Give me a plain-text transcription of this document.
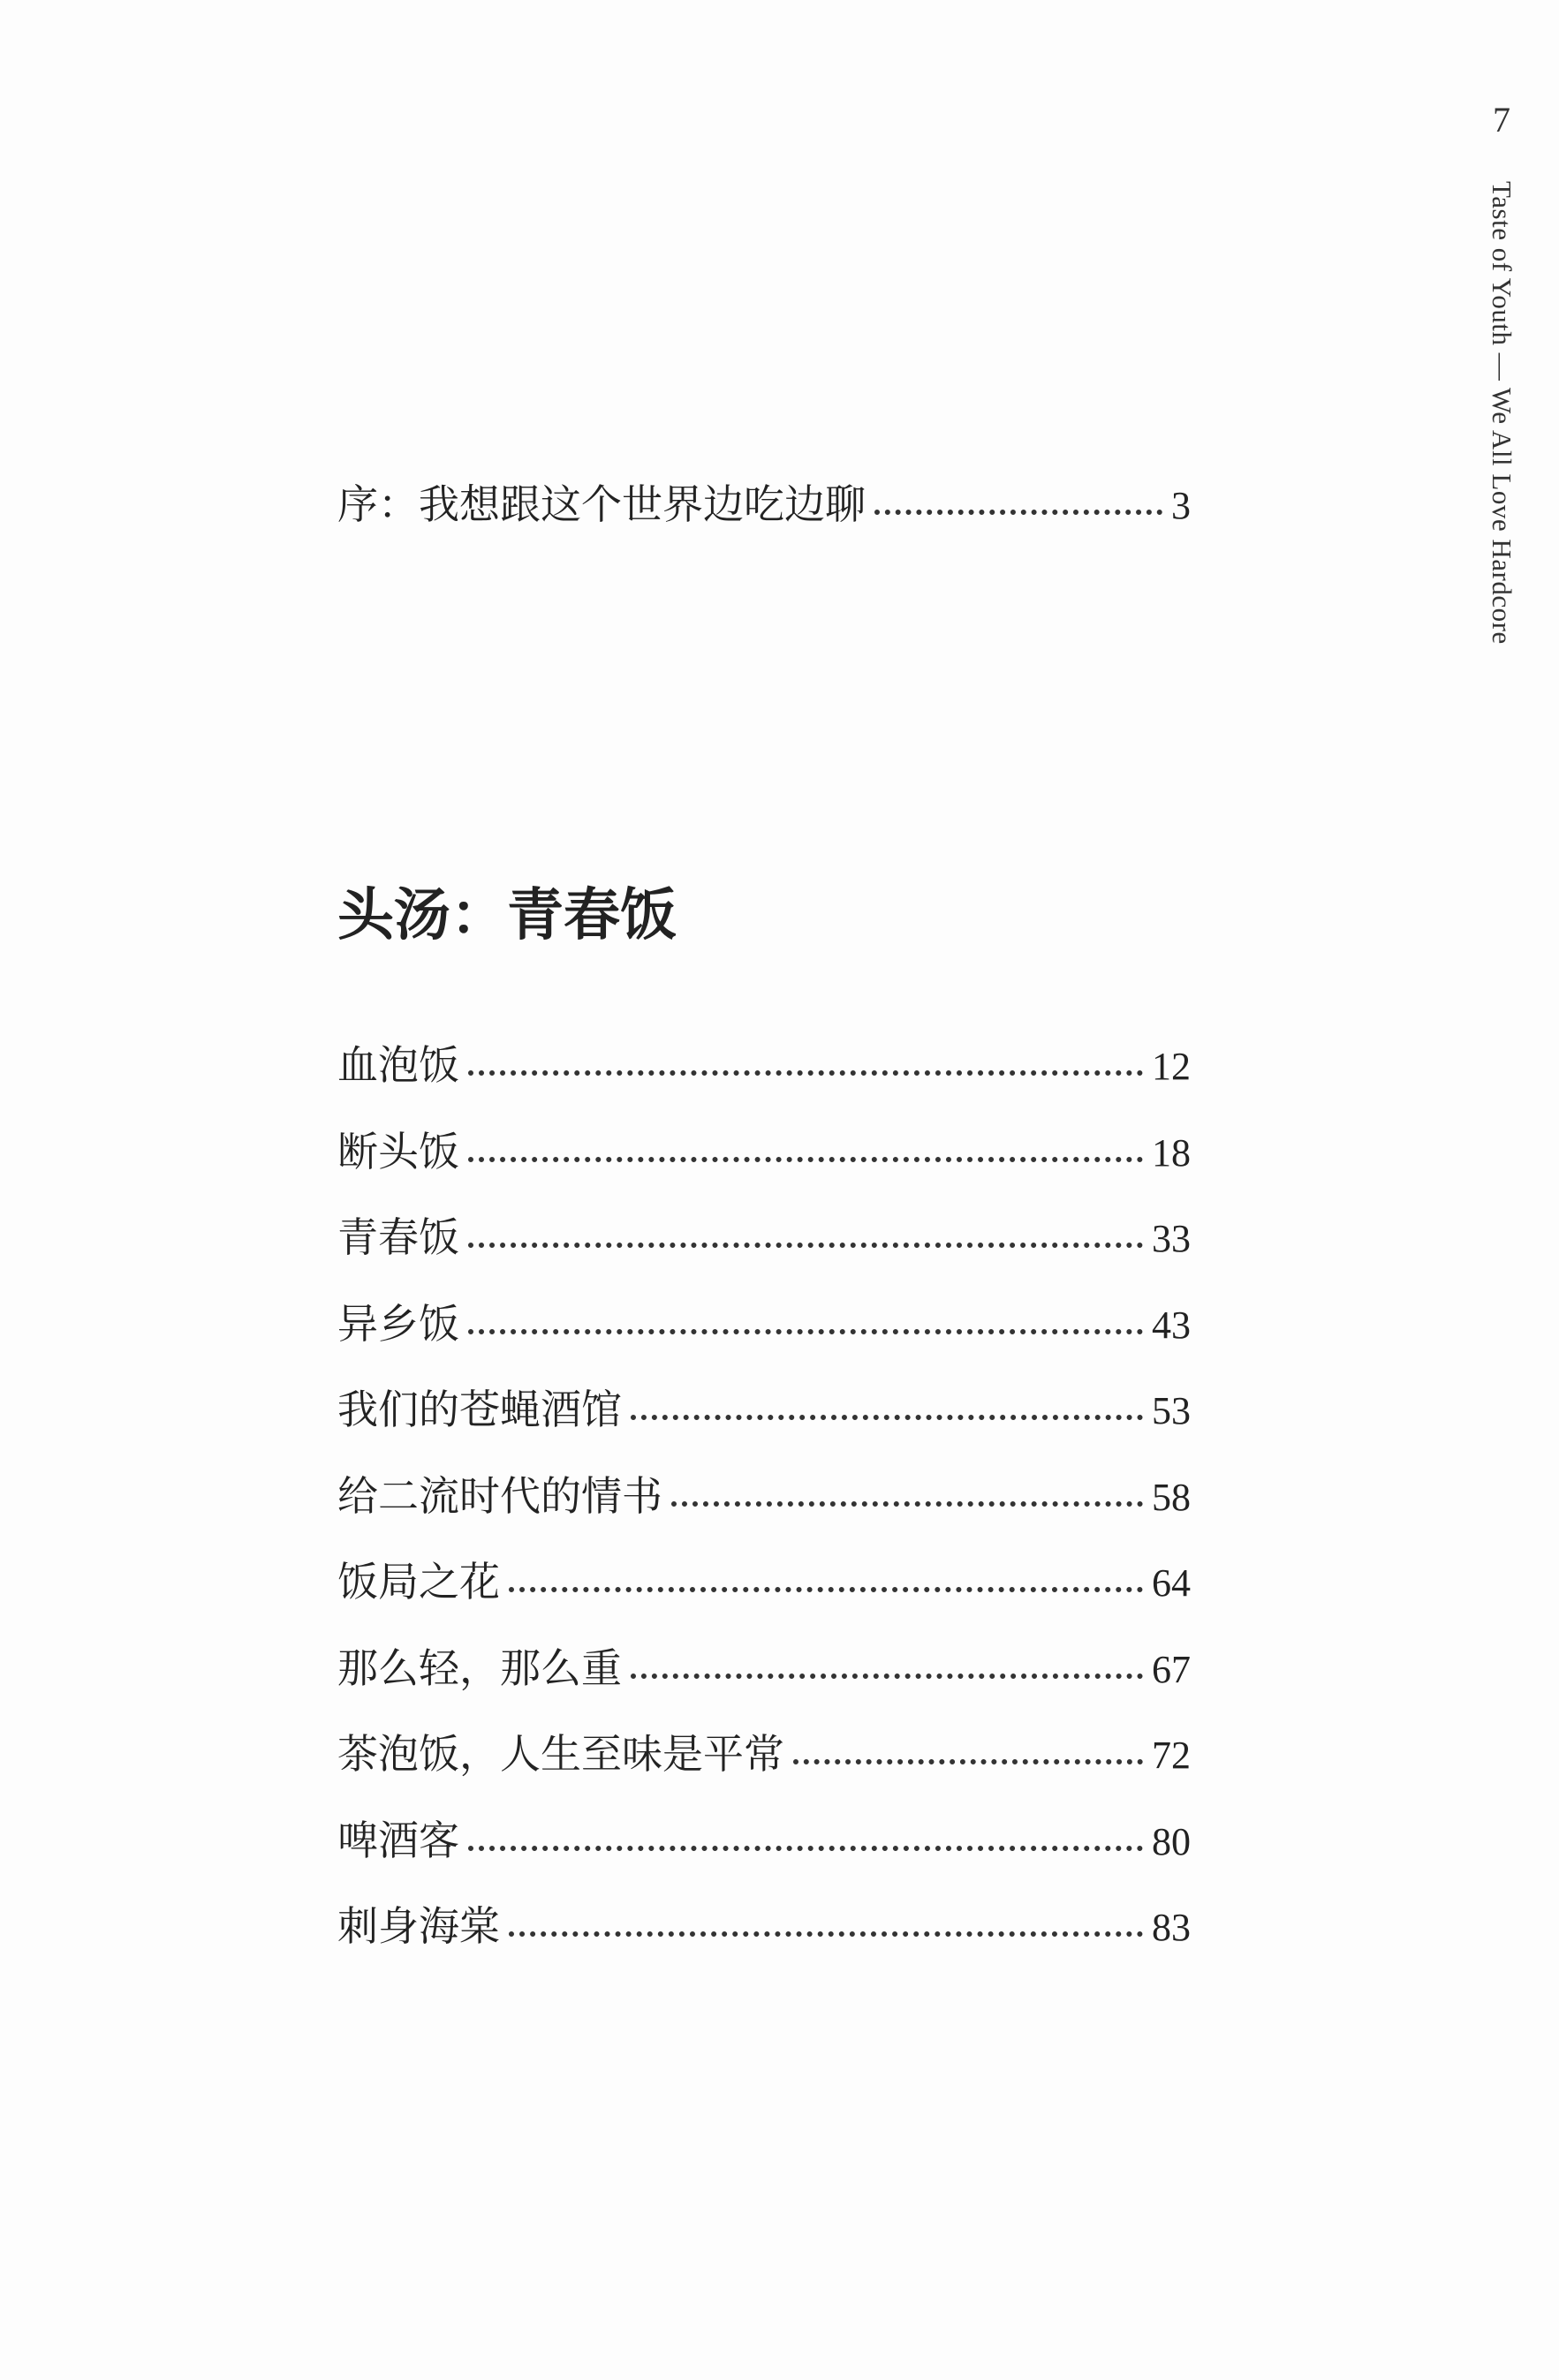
7
Taste of Youth — We All Love Hardcore
序：我想跟这个世界边吃边聊	3
头汤：青春饭
血泡饭	12
断头饭	18
青春饭	33
异乡饭	43
我们的苍蝇酒馆	53
给二流时代的情书	58
饭局之花	64
那么轻，那么重	67
茶泡饭，人生至味是平常	72
啤酒客	80
刺身海棠	83
